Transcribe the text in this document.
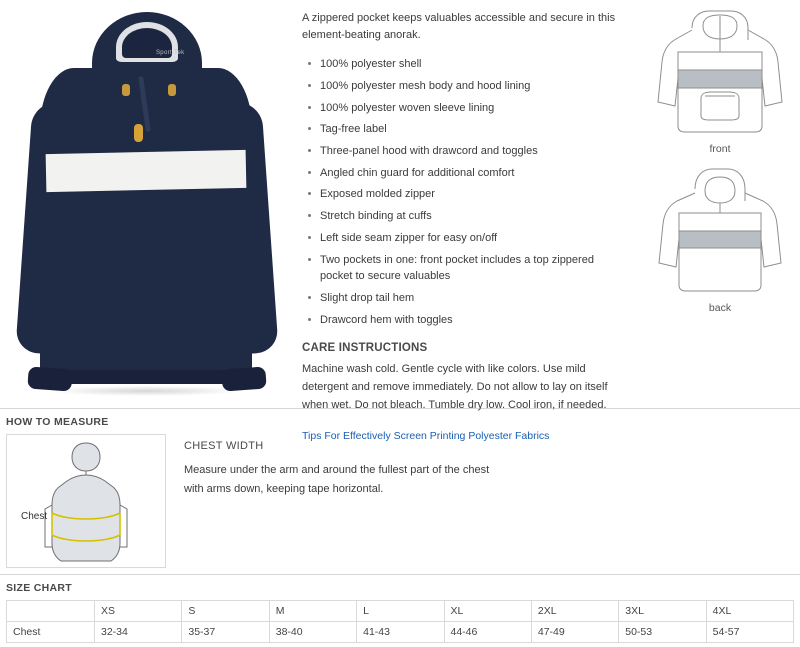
Sport-Tek

A zippered pocket keeps valuables accessible and secure in this element-beating anorak.

100% polyester shell
100% polyester mesh body and hood lining
100% polyester woven sleeve lining
Tag-free label
Three-panel hood with drawcord and toggles
Angled chin guard for additional comfort
Exposed molded zipper
Stretch binding at cuffs
Left side seam zipper for easy on/off
Two pockets in one: front pocket includes a top zippered pocket to secure valuables
Slight drop tail hem
Drawcord hem with toggles
CARE INSTRUCTIONS

Machine wash cold. Gentle cycle with like colors. Use mild detergent and remove immediately. Do not allow to lay on itself when wet. Do not bleach. Tumble dry low. Cool iron, if needed.

Tips For Effectively Screen Printing Polyester Fabrics
front
back
HOW TO MEASURE
Chest
CHEST WIDTH
Measure under the arm and around the fullest part of the chest
with arms down, keeping tape horizontal.
SIZE CHART
	XS	S	M	L	XL	2XL	3XL	4XL
Chest	32-34	35-37	38-40	41-43	44-46	47-49	50-53	54-57
